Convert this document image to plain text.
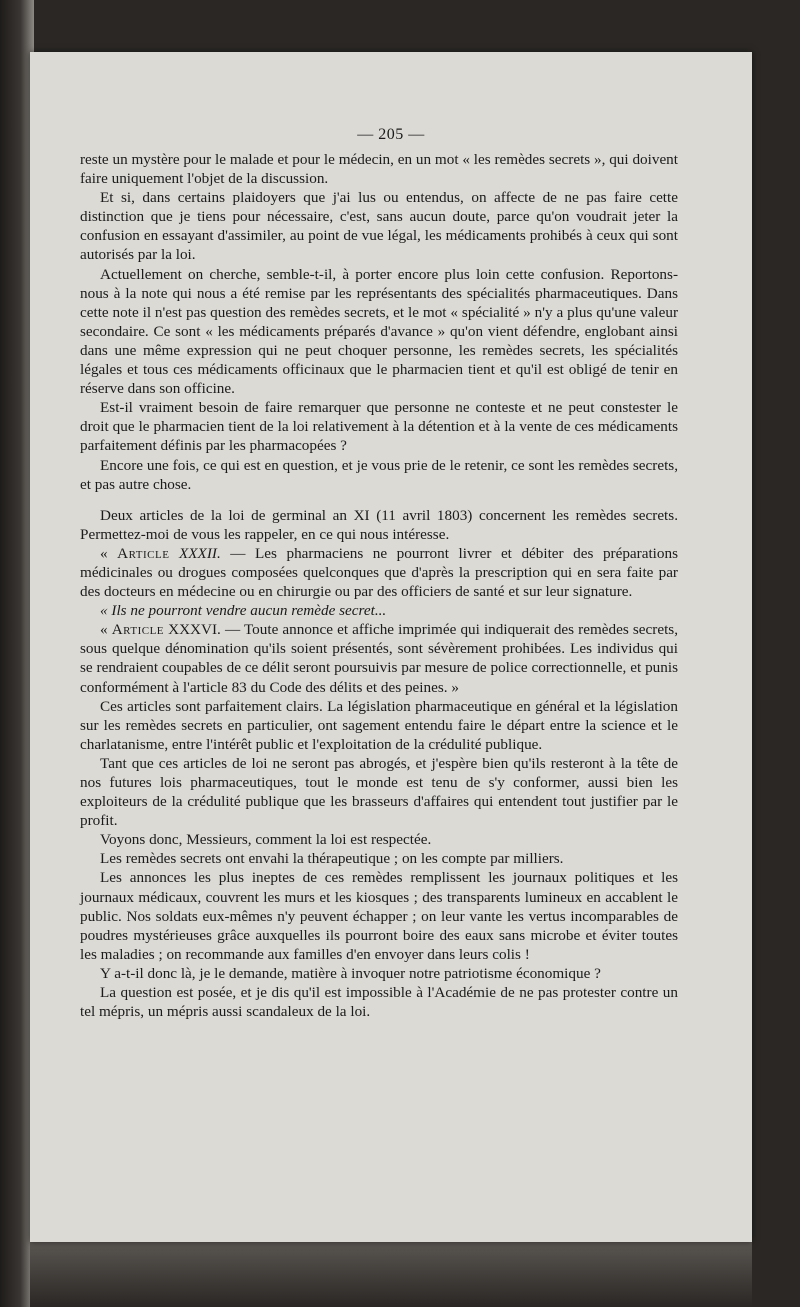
— 205 —

reste un mystère pour le malade et pour le médecin, en un mot « les remèdes secrets », qui doivent faire uniquement l'objet de la discussion.

Et si, dans certains plaidoyers que j'ai lus ou entendus, on affecte de ne pas faire cette distinction que je tiens pour nécessaire, c'est, sans aucun doute, parce qu'on voudrait jeter la confusion en essayant d'assimiler, au point de vue légal, les médicaments prohibés à ceux qui sont autorisés par la loi.

Actuellement on cherche, semble-t-il, à porter encore plus loin cette confusion. Reportons-nous à la note qui nous a été remise par les représentants des spécialités pharmaceutiques. Dans cette note il n'est pas question des remèdes secrets, et le mot « spécialité » n'y a plus qu'une valeur secondaire. Ce sont « les médicaments préparés d'avance » qu'on vient défendre, englobant ainsi dans une même expression qui ne peut choquer personne, les remèdes secrets, les spécialités légales et tous ces médicaments officinaux que le pharmacien tient et qu'il est obligé de tenir en réserve dans son officine.

Est-il vraiment besoin de faire remarquer que personne ne conteste et ne peut constester le droit que le pharmacien tient de la loi relativement à la détention et à la vente de ces médicaments parfaitement définis par les pharmacopées ?

Encore une fois, ce qui est en question, et je vous prie de le retenir, ce sont les remèdes secrets, et pas autre chose.

Deux articles de la loi de germinal an XI (11 avril 1803) concernent les remèdes secrets. Permettez-moi de vous les rappeler, en ce qui nous intéresse.

« Article XXXII. — Les pharmaciens ne pourront livrer et débiter des préparations médicinales ou drogues composées quelconques que d'après la prescription qui en sera faite par des docteurs en médecine ou en chirurgie ou par des officiers de santé et sur leur signature.

« Ils ne pourront vendre aucun remède secret...

« Article XXXVI. — Toute annonce et affiche imprimée qui indiquerait des remèdes secrets, sous quelque dénomination qu'ils soient présentés, sont sévèrement prohibées. Les individus qui se rendraient coupables de ce délit seront poursuivis par mesure de police correctionnelle, et punis conformément à l'article 83 du Code des délits et des peines. »

Ces articles sont parfaitement clairs. La législation pharmaceutique en général et la législation sur les remèdes secrets en particulier, ont sagement entendu faire le départ entre la science et le charlatanisme, entre l'intérêt public et l'exploitation de la crédulité publique.

Tant que ces articles de loi ne seront pas abrogés, et j'espère bien qu'ils resteront à la tête de nos futures lois pharmaceutiques, tout le monde est tenu de s'y conformer, aussi bien les exploiteurs de la crédulité publique que les brasseurs d'affaires qui entendent tout justifier par le profit.

Voyons donc, Messieurs, comment la loi est respectée.

Les remèdes secrets ont envahi la thérapeutique ; on les compte par milliers.

Les annonces les plus ineptes de ces remèdes remplissent les journaux politiques et les journaux médicaux, couvrent les murs et les kiosques ; des transparents lumineux en accablent le public. Nos soldats eux-mêmes n'y peuvent échapper ; on leur vante les vertus incomparables de poudres mystérieuses grâce auxquelles ils pourront boire des eaux sans microbe et éviter toutes les maladies ; on recommande aux familles d'en envoyer dans leurs colis !

Y a-t-il donc là, je le demande, matière à invoquer notre patriotisme économique ?

La question est posée, et je dis qu'il est impossible à l'Académie de ne pas protester contre un tel mépris, un mépris aussi scandaleux de la loi.
